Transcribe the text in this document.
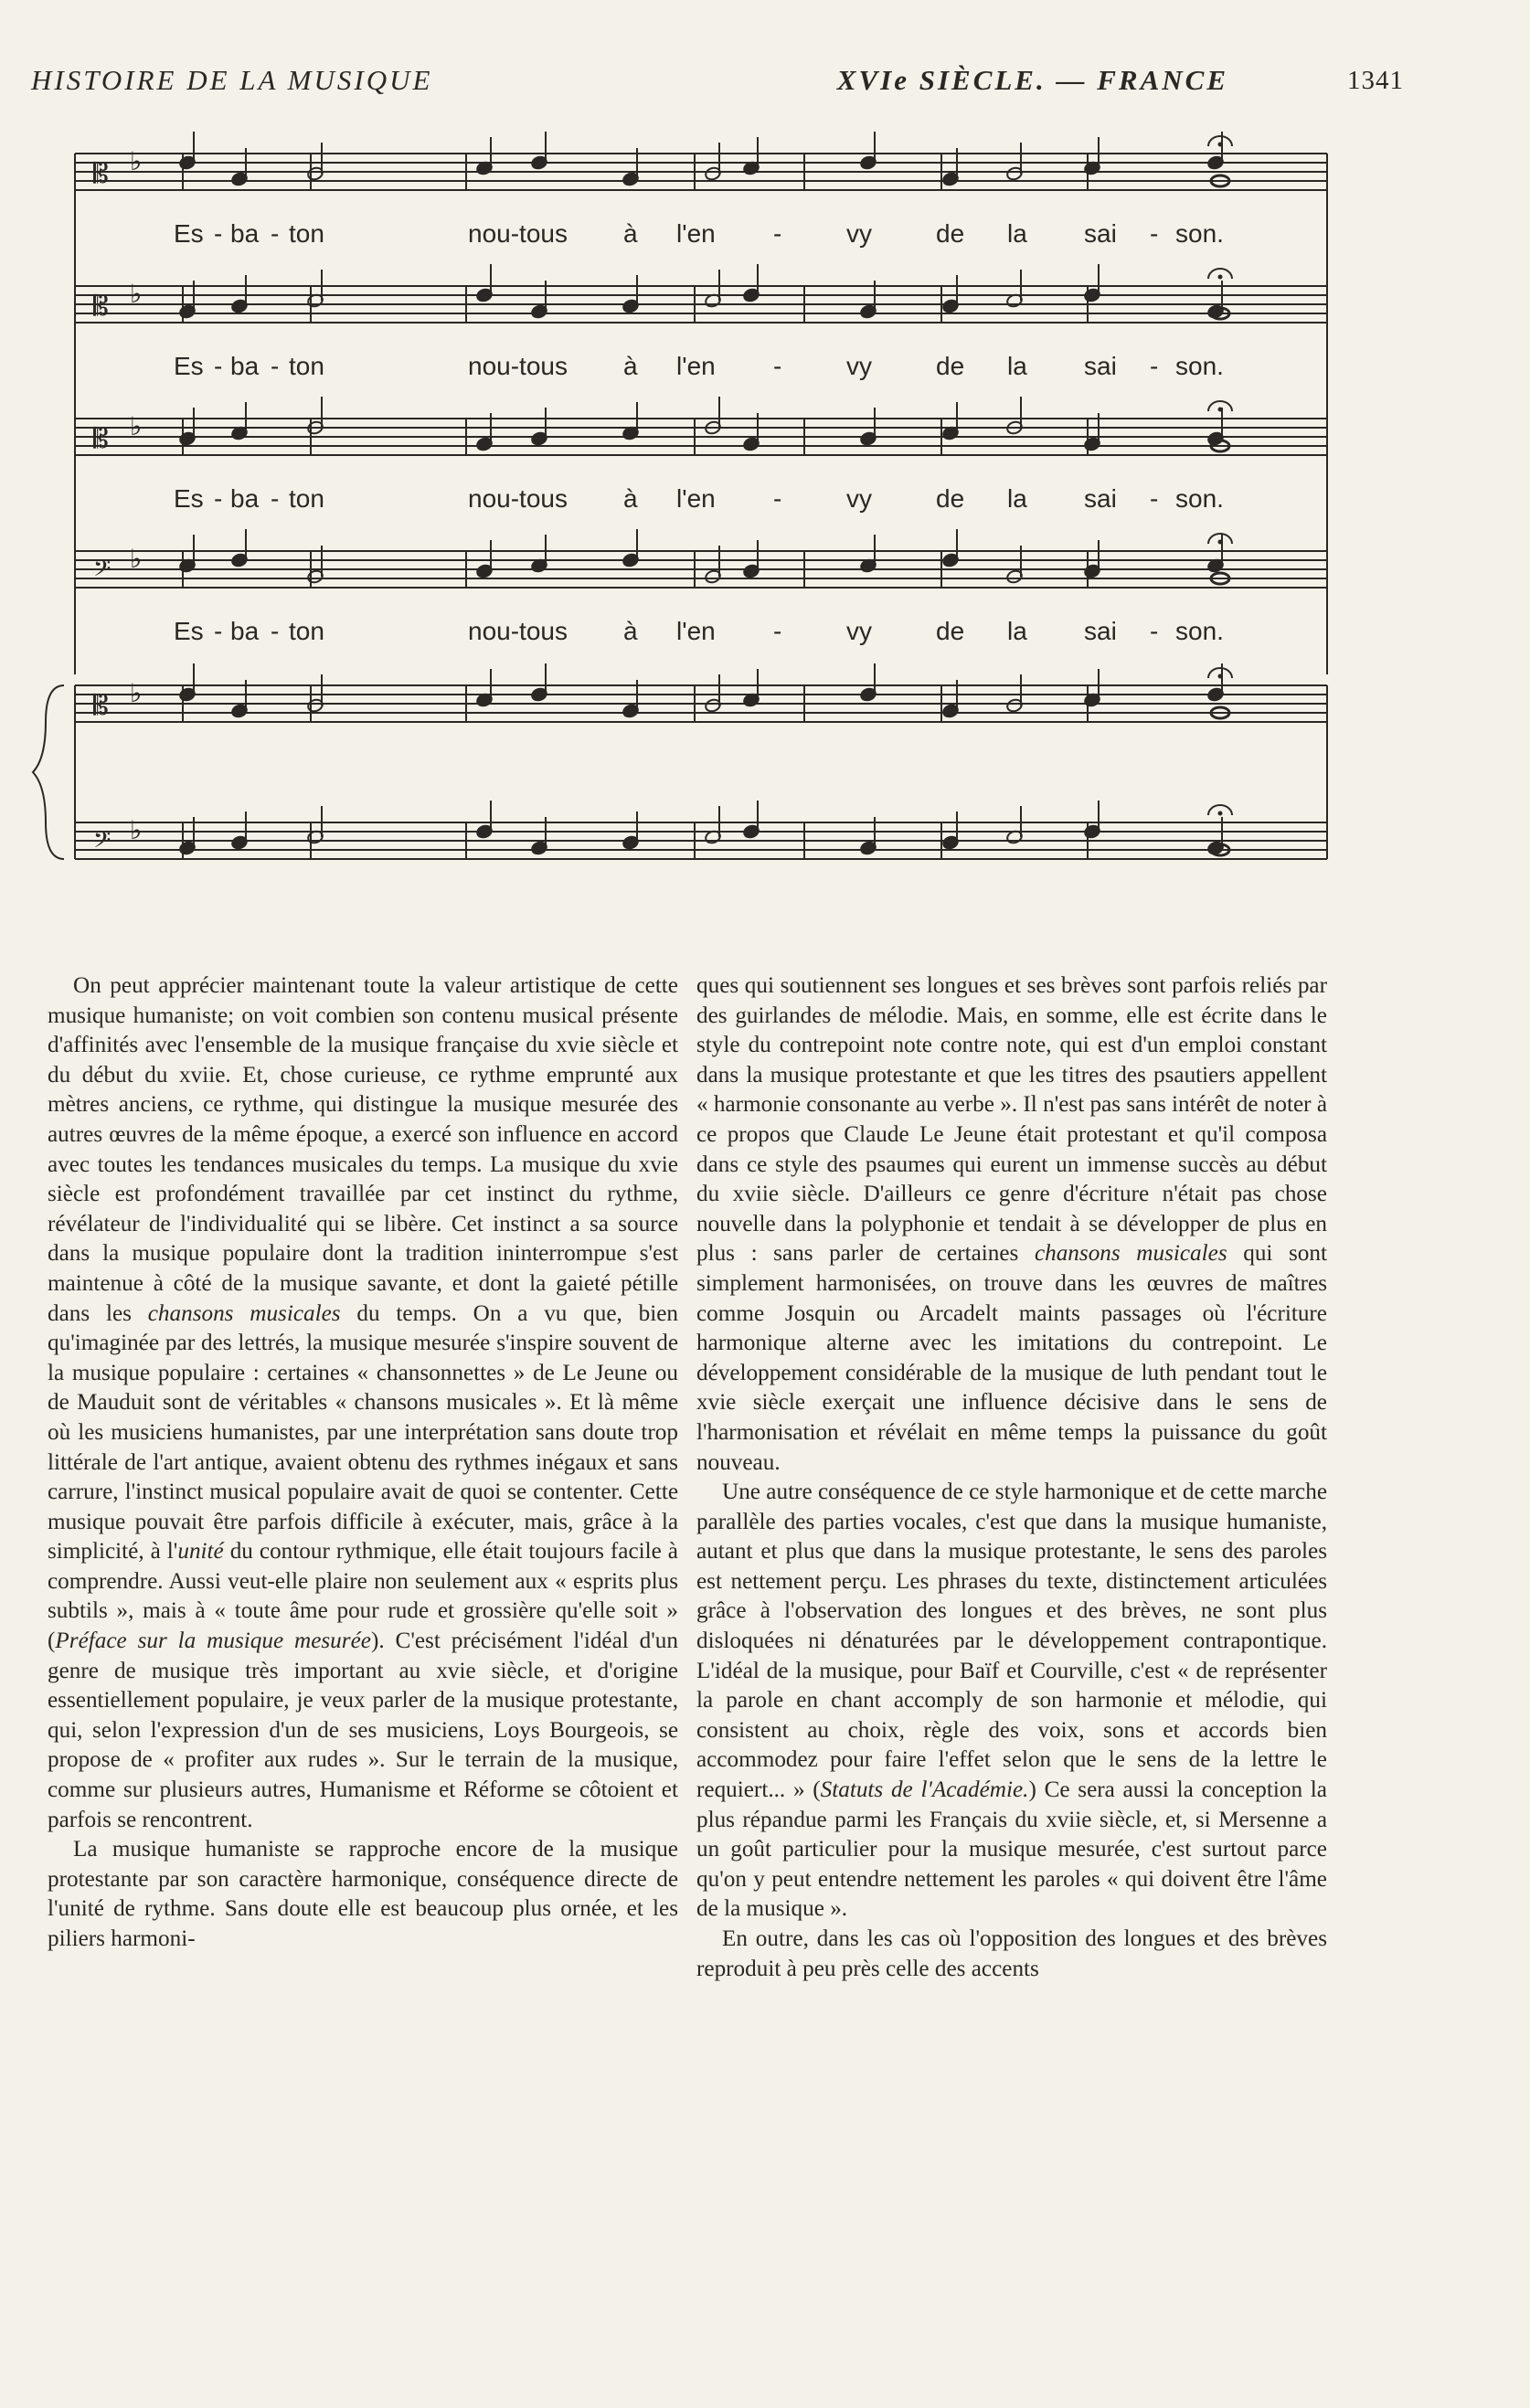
HISTOIRE DE LA MUSIQUE	XVIe SIÈCLE. — FRANCE	1341
𝄡 ♭
𝄡 ♭
𝄡 ♭
𝄢 ♭
𝄡 ♭
𝄢 ♭
Es - ba - ton	nou-tous à l'en -	vy	de la sai - son.
Es - ba - ton	nou-tous à l'en -	vy	de la sai - son.
Es - ba - ton	nou-tous à l'en -	vy	de la sai - son.
Es - ba - ton	nou-tous à l'en -	vy	de la sai - son.

On peut apprécier maintenant toute la valeur artistique de cette musique humaniste; on voit combien son contenu musical présente d'affinités avec l'ensemble de la musique française du xvie siècle et du début du xviie. Et, chose curieuse, ce rythme emprunté aux mètres anciens, ce rythme, qui distingue la musique mesurée des autres œuvres de la même époque, a exercé son influence en accord avec toutes les tendances musicales du temps. La musique du xvie siècle est profondément travaillée par cet instinct du rythme, révélateur de l'individualité qui se libère. Cet instinct a sa source dans la musique populaire dont la tradition ininterrompue s'est maintenue à côté de la musique savante, et dont la gaieté pétille dans les chansons musicales du temps. On a vu que, bien qu'imaginée par des lettrés, la musique mesurée s'inspire souvent de la musique populaire : certaines « chansonnettes » de Le Jeune ou de Mauduit sont de véritables « chansons musicales ». Et là même où les musiciens humanistes, par une interprétation sans doute trop littérale de l'art antique, avaient obtenu des rythmes inégaux et sans carrure, l'instinct musical populaire avait de quoi se contenter. Cette musique pouvait être parfois difficile à exécuter, mais, grâce à la simplicité, à l'unité du contour rythmique, elle était toujours facile à comprendre. Aussi veut-elle plaire non seulement aux « esprits plus subtils », mais à « toute âme pour rude et grossière qu'elle soit » (Préface sur la musique mesurée). C'est précisément l'idéal d'un genre de musique très important au xvie siècle, et d'origine essentiellement populaire, je veux parler de la musique protestante, qui, selon l'expression d'un de ses musiciens, Loys Bourgeois, se propose de « profiter aux rudes ». Sur le terrain de la musique, comme sur plusieurs autres, Humanisme et Réforme se côtoient et parfois se rencontrent.

La musique humaniste se rapproche encore de la musique protestante par son caractère harmonique, conséquence directe de l'unité de rythme. Sans doute elle est beaucoup plus ornée, et les piliers harmoni-

ques qui soutiennent ses longues et ses brèves sont parfois reliés par des guirlandes de mélodie. Mais, en somme, elle est écrite dans le style du contrepoint note contre note, qui est d'un emploi constant dans la musique protestante et que les titres des psautiers appellent « harmonie consonante au verbe ». Il n'est pas sans intérêt de noter à ce propos que Claude Le Jeune était protestant et qu'il composa dans ce style des psaumes qui eurent un immense succès au début du xviie siècle. D'ailleurs ce genre d'écriture n'était pas chose nouvelle dans la polyphonie et tendait à se développer de plus en plus : sans parler de certaines chansons musicales qui sont simplement harmonisées, on trouve dans les œuvres de maîtres comme Josquin ou Arcadelt maints passages où l'écriture harmonique alterne avec les imitations du contrepoint. Le développement considérable de la musique de luth pendant tout le xvie siècle exerçait une influence décisive dans le sens de l'harmonisation et révélait en même temps la puissance du goût nouveau.

Une autre conséquence de ce style harmonique et de cette marche parallèle des parties vocales, c'est que dans la musique humaniste, autant et plus que dans la musique protestante, le sens des paroles est nettement perçu. Les phrases du texte, distinctement articulées grâce à l'observation des longues et des brèves, ne sont plus disloquées ni dénaturées par le développement contrapontique. L'idéal de la musique, pour Baïf et Courville, c'est « de représenter la parole en chant accomply de son harmonie et mélodie, qui consistent au choix, règle des voix, sons et accords bien accommodez pour faire l'effet selon que le sens de la lettre le requiert... » (Statuts de l'Académie.) Ce sera aussi la conception la plus répandue parmi les Français du xviie siècle, et, si Mersenne a un goût particulier pour la musique mesurée, c'est surtout parce qu'on y peut entendre nettement les paroles « qui doivent être l'âme de la musique ».

En outre, dans les cas où l'opposition des longues et des brèves reproduit à peu près celle des accents
